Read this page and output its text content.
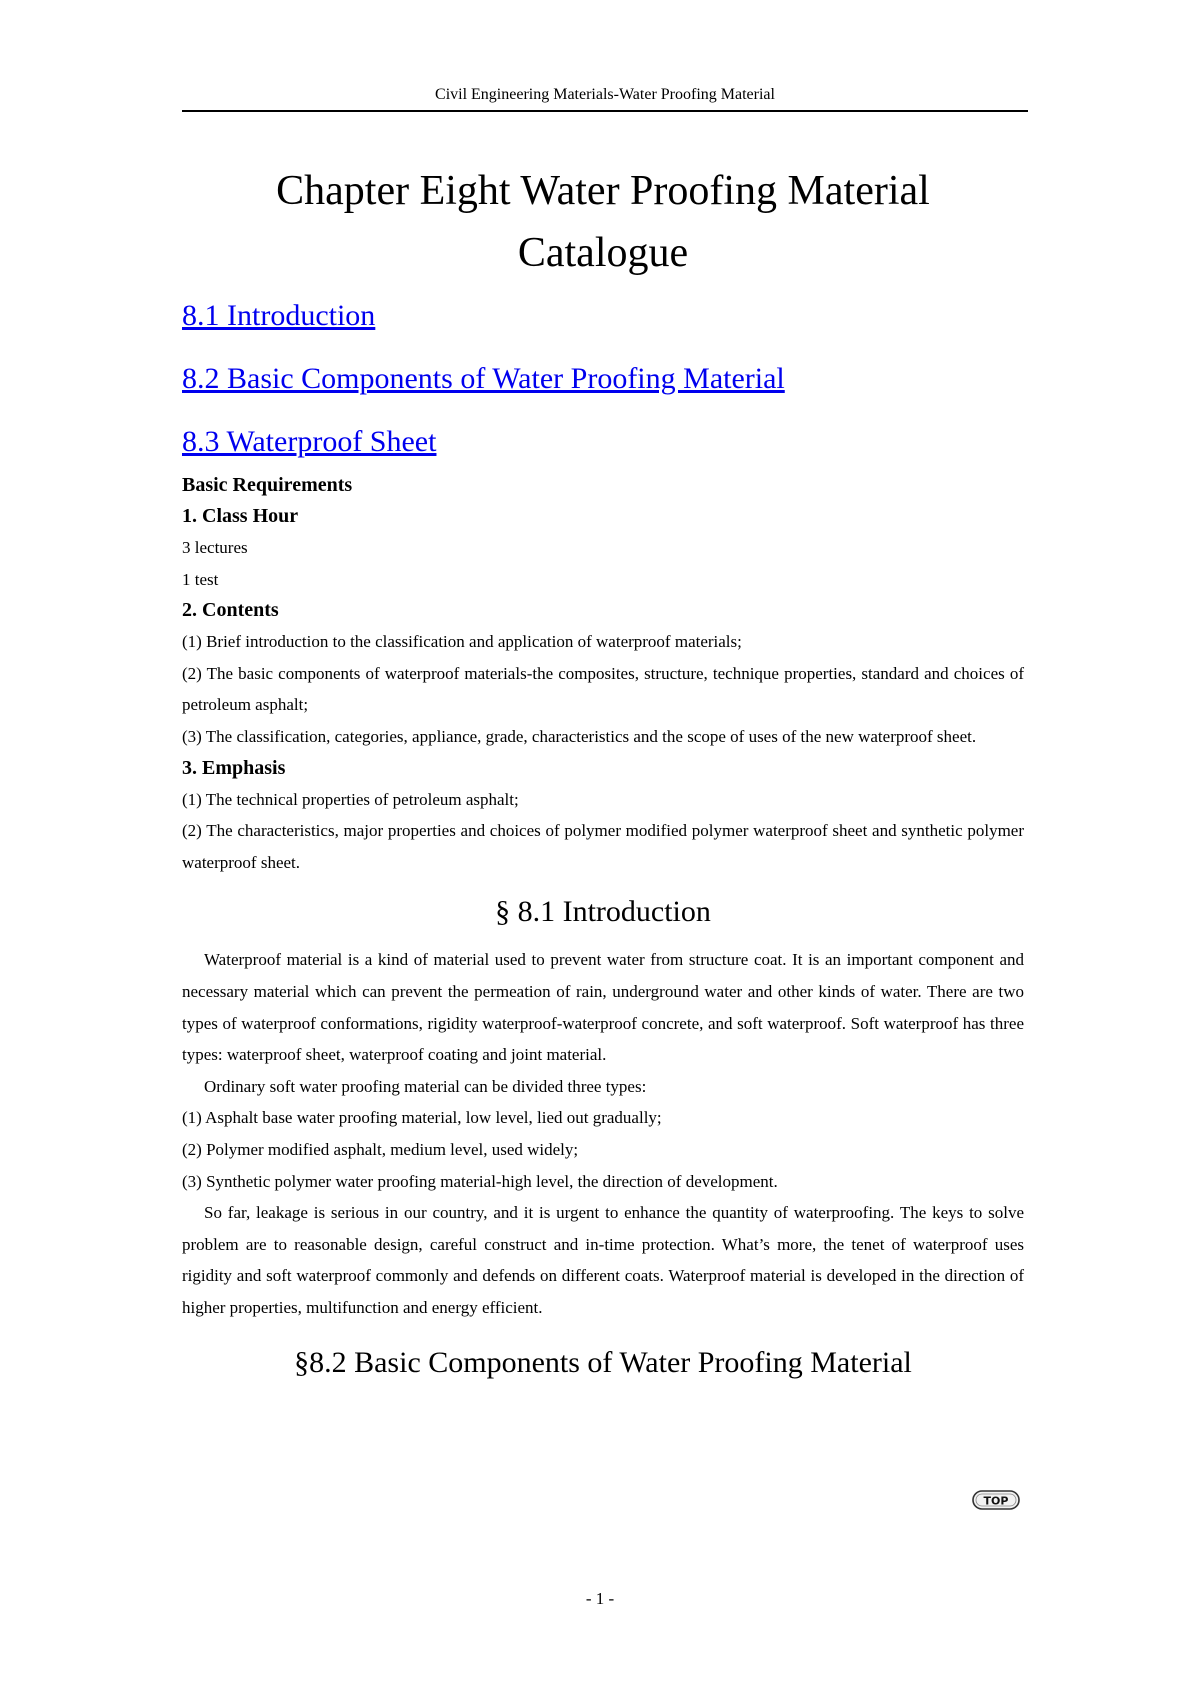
Civil Engineering Materials-Water Proofing Material
Chapter Eight Water Proofing Material

Catalogue
8.1 Introduction
8.2 Basic Components of Water Proofing Material
8.3 Waterproof Sheet

Basic Requirements

1. Class Hour

3 lectures

1 test

2. Contents

(1) Brief introduction to the classification and application of waterproof materials;

(2) The basic components of waterproof materials-the composites, structure, technique properties, standard and choices of petroleum asphalt;

(3) The classification, categories, appliance, grade, characteristics and the scope of uses of the new waterproof sheet.

3. Emphasis

(1) The technical properties of petroleum asphalt;

(2) The characteristics, major properties and choices of polymer modified polymer waterproof sheet and synthetic polymer waterproof sheet.

§ 8.1 Introduction

Waterproof material is a kind of material used to prevent water from structure coat. It is an important component and necessary material which can prevent the permeation of rain, underground water and other kinds of water. There are two types of waterproof conformations, rigidity waterproof-waterproof concrete, and soft waterproof. Soft waterproof has three types: waterproof sheet, waterproof coating and joint material.

Ordinary soft water proofing material can be divided three types:

(1) Asphalt base water proofing material, low level, lied out gradually;

(2) Polymer modified asphalt, medium level, used widely;

(3) Synthetic polymer water proofing material-high level, the direction of development.

So far, leakage is serious in our country, and it is urgent to enhance the quantity of waterproofing. The keys to solve problem are to reasonable design, careful construct and in-time protection. What’s more, the tenet of waterproof uses rigidity and soft waterproof commonly and defends on different coats. Waterproof material is developed in the direction of higher properties, multifunction and energy efficient.

§8.2 Basic Components of Water Proofing Material
TOP
- 1 -
